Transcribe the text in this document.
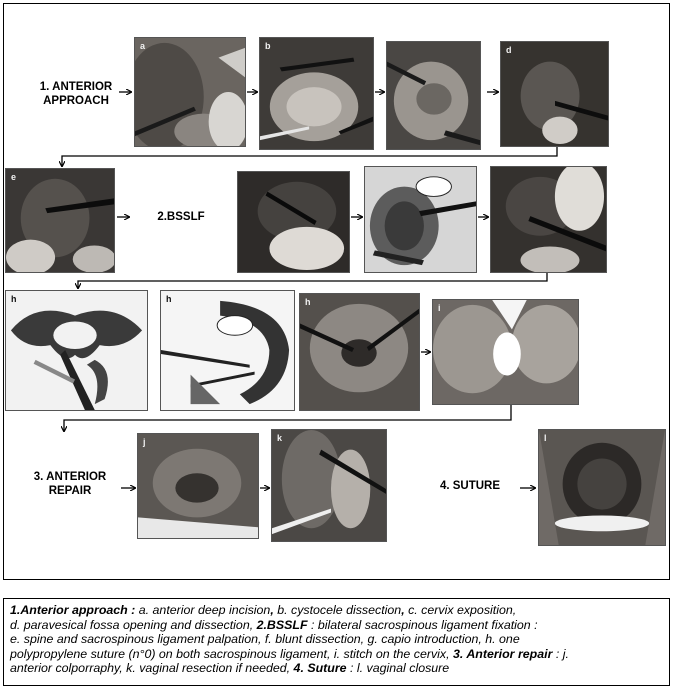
1. ANTERIOR
APPROACH
2.BSSLF
3. ANTERIOR
REPAIR	4. SUTURE
a	b	d
e
h	h	h
i
j	k	l
1.Anterior approach : a. anterior deep incision, b. cystocele dissection, c. cervix exposition,
d. paravesical fossa opening and dissection, 2.BSSLF : bilateral sacrospinous ligament fixation :
e. spine and sacrospinous ligament palpation, f. blunt dissection, g. capio introduction, h. one
polypropylene suture (n°0) on both sacrospinous ligament, i. stitch on the cervix, 3. Anterior repair : j.
anterior colporraphy, k. vaginal resection if needed, 4. Suture : l. vaginal closure
